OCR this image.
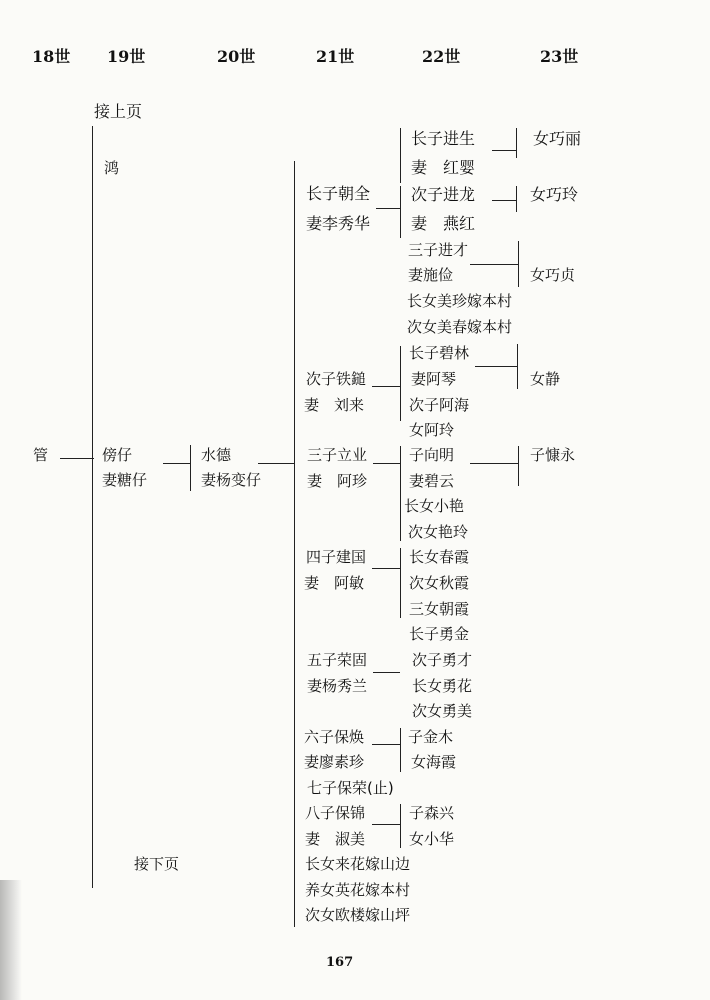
18世 19世	20世	21世	22世	23世
接上页
接下页
管
鸿
傍仔
妻糖仔
水德
妻杨变仔
长子朝全
妻李秀华
次子铁鎚
妻　刘来
三子立业
妻　阿珍
四子建国
妻　阿敏
五子荣固
妻杨秀兰
六子保焕
妻廖素珍
七子保荣(止)
八子保锦
妻　淑美
长女来花嫁山边
养女英花嫁本村
次女欧楼嫁山坪
长子进生
妻　红婴
次子进龙
妻　燕红
三子进才
妻施俭
长女美珍嫁本村
次女美春嫁本村
长子碧林
妻阿琴
次子阿海
女阿玲
子向明
妻碧云
长女小艳
次女艳玲
长女春霞
次女秋霞
三女朝霞
长子勇金
次子勇才
长女勇花
次女勇美
子金木
女海霞
子森兴
女小华
女巧丽
女巧玲
女巧贞
女静
子慷永
167
